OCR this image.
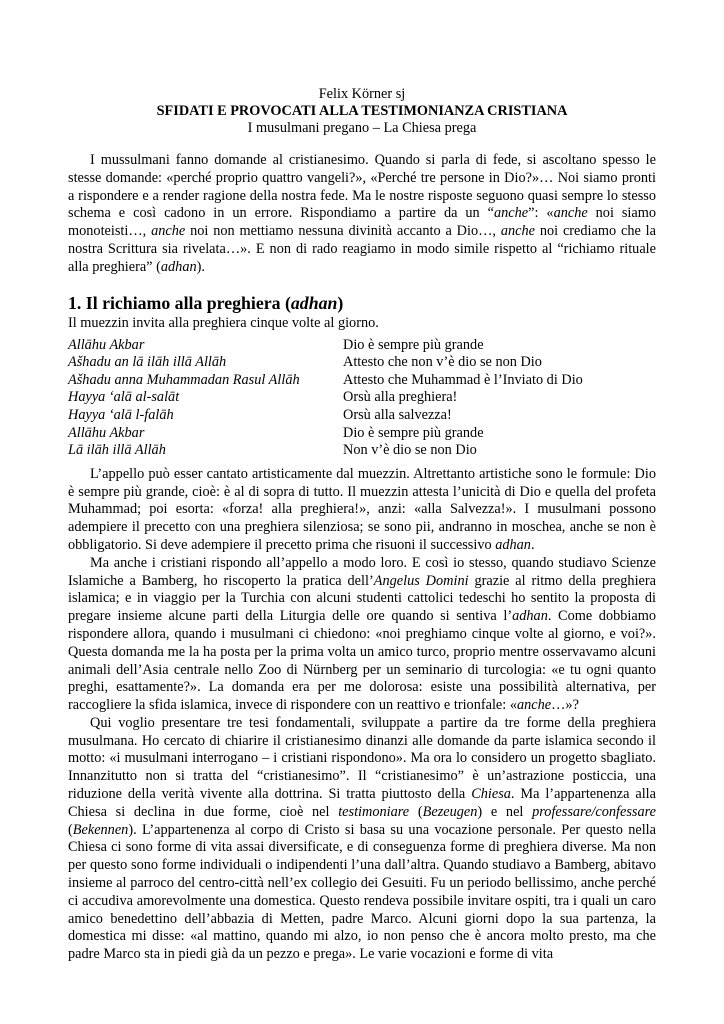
Felix Körner sj
SFIDATI E PROVOCATI ALLA TESTIMONIANZA CRISTIANA
I musulmani pregano – La Chiesa prega

I mussulmani fanno domande al cristianesimo. Quando si parla di fede, si ascoltano spesso le stesse domande: «perché proprio quattro vangeli?», «Perché tre persone in Dio?»… Noi siamo pronti a rispondere e a render ragione della nostra fede. Ma le nostre risposte seguono quasi sempre lo stesso schema e così cadono in un errore. Rispondiamo a partire da un “anche”: «anche noi siamo monoteisti…, anche noi non mettiamo nessuna divinità accanto a Dio…, anche noi crediamo che la nostra Scrittura sia rivelata…». E non di rado reagiamo in modo simile rispetto al “richiamo rituale alla preghiera” (adhan).

1. Il richiamo alla preghiera (adhan)
Il muezzin invita alla preghiera cinque volte al giorno.
Allāhu Akbar	Dio è sempre più grande
Ašhadu an lā ilāh illā Allāh	Attesto che non v’è dio se non Dio
Ašhadu anna Muhammadan Rasul Allāh	Attesto che Muhammad è l’Inviato di Dio
Hayya ‘alā al-salāt	Orsù alla preghiera!
Hayya ‘alā l-falāh	Orsù alla salvezza!
Allāhu Akbar	Dio è sempre più grande
Lā ilāh illā Allāh	Non v’è dio se non Dio

L’appello può esser cantato artisticamente dal muezzin. Altrettanto artistiche sono le formule: Dio è sempre più grande, cioè: è al di sopra di tutto. Il muezzin attesta l’unicità di Dio e quella del profeta Muhammad; poi esorta: «forza! alla preghiera!», anzi: «alla Salvezza!». I musulmani possono adempiere il precetto con una preghiera silenziosa; se sono pii, andranno in moschea, anche se non è obbligatorio. Si deve adempiere il precetto prima che risuoni il successivo adhan.

Ma anche i cristiani rispondo all’appello a modo loro. E così io stesso, quando studiavo Scienze Islamiche a Bamberg, ho riscoperto la pratica dell’Angelus Domini grazie al ritmo della preghiera islamica; e in viaggio per la Turchia con alcuni studenti cattolici tedeschi ho sentito la proposta di pregare insieme alcune parti della Liturgia delle ore quando si sentiva l’adhan. Come dobbiamo rispondere allora, quando i musulmani ci chiedono: «noi preghiamo cinque volte al giorno, e voi?». Questa domanda me la ha posta per la prima volta un amico turco, proprio mentre osservavamo alcuni animali dell’Asia centrale nello Zoo di Nürnberg per un seminario di turcologia: «e tu ogni quanto preghi, esattamente?». La domanda era per me dolorosa: esiste una possibilità alternativa, per raccogliere la sfida islamica, invece di rispondere con un reattivo e trionfale: «anche…»?

Qui voglio presentare tre tesi fondamentali, sviluppate a partire da tre forme della preghiera musulmana. Ho cercato di chiarire il cristianesimo dinanzi alle domande da parte islamica secondo il motto: «i musulmani interrogano – i cristiani rispondono». Ma ora lo considero un progetto sbagliato. Innanzitutto non si tratta del “cristianesimo”. Il “cristianesimo” è un’astrazione posticcia, una riduzione della verità vivente alla dottrina. Si tratta piuttosto della Chiesa. Ma l’appartenenza alla Chiesa si declina in due forme, cioè nel testimoniare (Bezeugen) e nel professare/confessare (Bekennen). L’appartenenza al corpo di Cristo si basa su una vocazione personale. Per questo nella Chiesa ci sono forme di vita assai diversificate, e di conseguenza forme di preghiera diverse. Ma non per questo sono forme individuali o indipendenti l’una dall’altra. Quando studiavo a Bamberg, abitavo insieme al parroco del centro-città nell’ex collegio dei Gesuiti. Fu un periodo bellissimo, anche perché ci accudiva amorevolmente una domestica. Questo rendeva possibile invitare ospiti, tra i quali un caro amico benedettino dell’abbazia di Metten, padre Marco. Alcuni giorni dopo la sua partenza, la domestica mi disse: «al mattino, quando mi alzo, io non penso che è ancora molto presto, ma che padre Marco sta in piedi già da un pezzo e prega». Le varie vocazioni e forme di vita
